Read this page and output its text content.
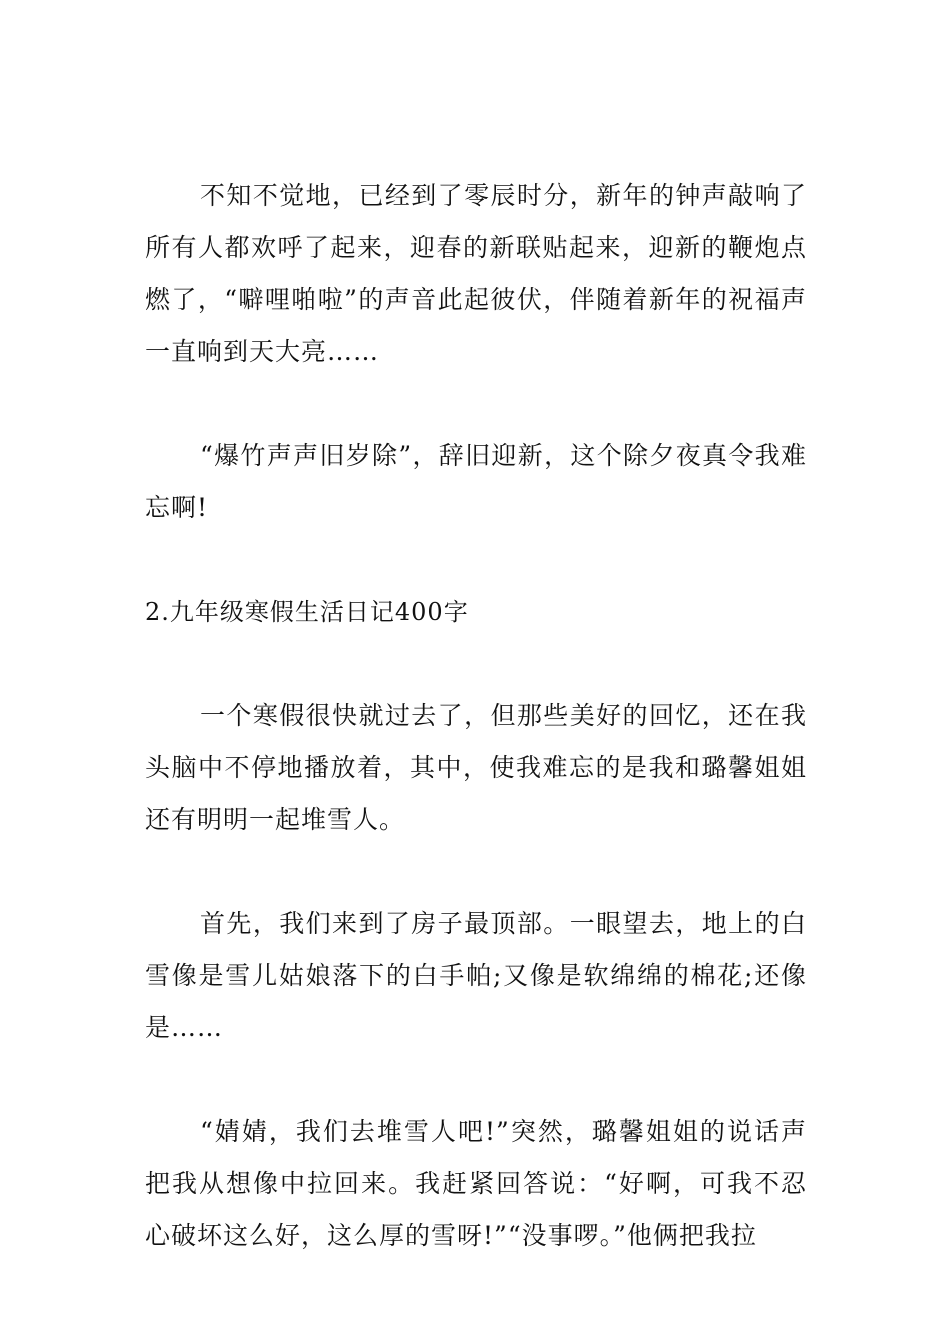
不知不觉地，已经到了零辰时分，新年的钟声敲响了所有人都欢呼了起来，迎春的新联贴起来，迎新的鞭炮点燃了，“噼哩啪啦”的声音此起彼伏，伴随着新年的祝福声一直响到天大亮……

“爆竹声声旧岁除”，辞旧迎新，这个除夕夜真令我难忘啊!

2.九年级寒假生活日记400字

一个寒假很快就过去了，但那些美好的回忆，还在我头脑中不停地播放着，其中，使我难忘的是我和璐馨姐姐还有明明一起堆雪人。

首先，我们来到了房子最顶部。一眼望去，地上的白雪像是雪儿姑娘落下的白手帕;又像是软绵绵的棉花;还像是……

“婧婧，我们去堆雪人吧!”突然，璐馨姐姐的说话声把我从想像中拉回来。我赶紧回答说：“好啊，可我不忍心破坏这么好，这么厚的雪呀!”“没事啰。”他俩把我拉
